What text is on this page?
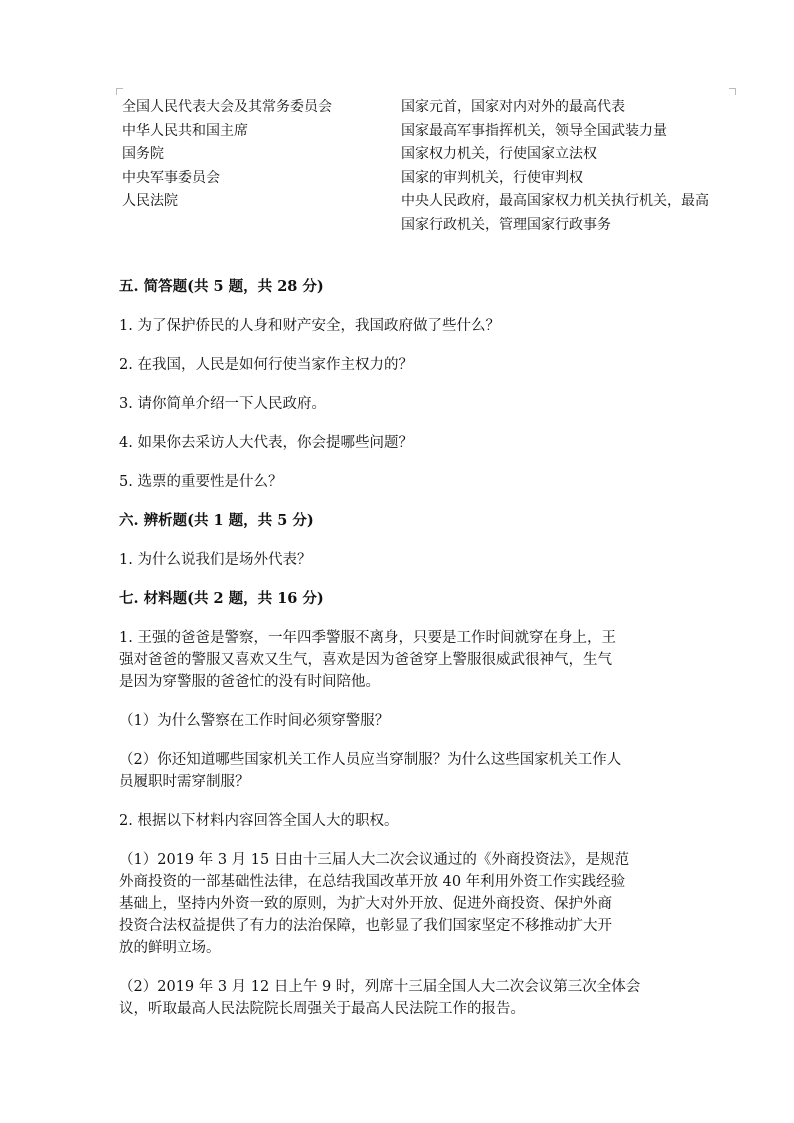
全国人民代表大会及其常务委员会
中华人民共和国主席
国务院
中央军事委员会
人民法院
国家元首，国家对内对外的最高代表
国家最高军事指挥机关，领导全国武装力量
国家权力机关，行使国家立法权
国家的审判机关，行使审判权
中央人民政府，最高国家权力机关执行机关，最高
国家行政机关，管理国家行政事务

五. 简答题(共 5 题，共 28 分)

1. 为了保护侨民的人身和财产安全，我国政府做了些什么？

2. 在我国，人民是如何行使当家作主权力的？

3. 请你简单介绍一下人民政府。

4. 如果你去采访人大代表，你会提哪些问题？

5. 选票的重要性是什么？

六. 辨析题(共 1 题，共 5 分)

1. 为什么说我们是场外代表？

七. 材料题(共 2 题，共 16 分)

1. 王强的爸爸是警察，一年四季警服不离身，只要是工作时间就穿在身上，王

强对爸爸的警服又喜欢又生气，喜欢是因为爸爸穿上警服很威武很神气，生气

是因为穿警服的爸爸忙的没有时间陪他。

（1）为什么警察在工作时间必须穿警服？

（2）你还知道哪些国家机关工作人员应当穿制服？为什么这些国家机关工作人

员履职时需穿制服？

2. 根据以下材料内容回答全国人大的职权。

（1）2019 年 3 月 15 日由十三届人大二次会议通过的《外商投资法》，是规范

外商投资的一部基础性法律，在总结我国改革开放 40 年利用外资工作实践经验

基础上，坚持内外资一致的原则，为扩大对外开放、促进外商投资、保护外商

投资合法权益提供了有力的法治保障，也彰显了我们国家坚定不移推动扩大开

放的鲜明立场。

（2）2019 年 3 月 12 日上午 9 时，列席十三届全国人大二次会议第三次全体会

议，听取最高人民法院院长周强关于最高人民法院工作的报告。
